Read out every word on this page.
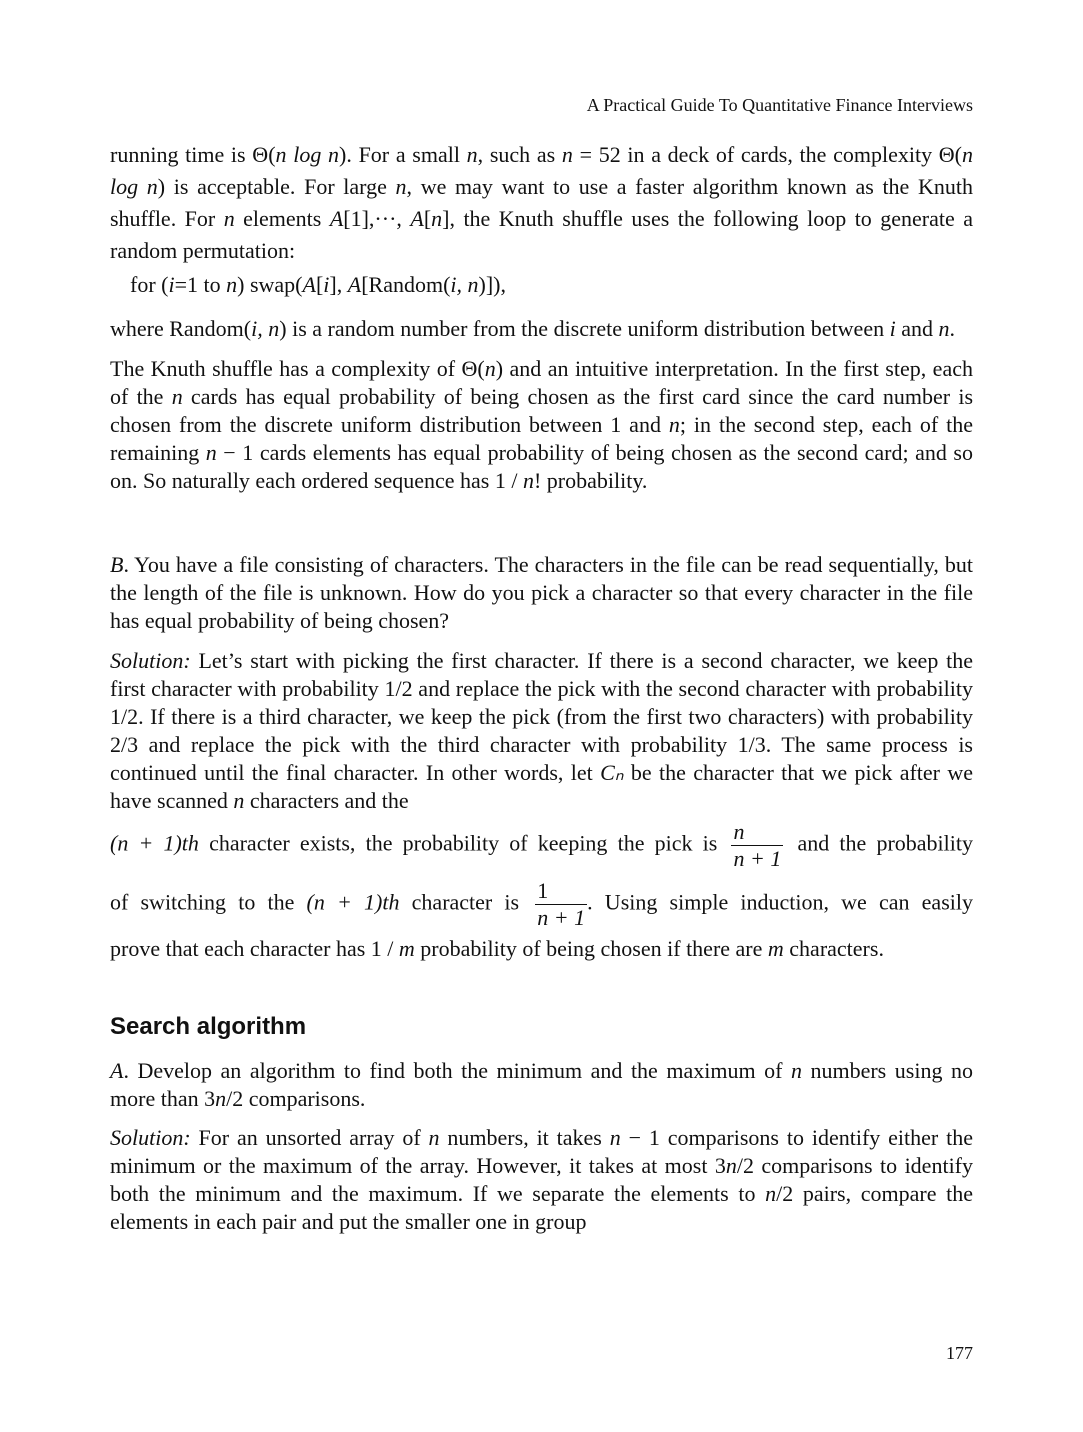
A Practical Guide To Quantitative Finance Interviews
running time is Θ(n log n). For a small n, such as n = 52 in a deck of cards, the complexity Θ(n log n) is acceptable. For large n, we may want to use a faster algorithm known as the Knuth shuffle. For n elements A[1],···, A[n], the Knuth shuffle uses the following loop to generate a random permutation:
for (i=1 to n) swap(A[i], A[Random(i, n)]),
where Random(i, n) is a random number from the discrete uniform distribution between i and n.
The Knuth shuffle has a complexity of Θ(n) and an intuitive interpretation. In the first step, each of the n cards has equal probability of being chosen as the first card since the card number is chosen from the discrete uniform distribution between 1 and n; in the second step, each of the remaining n − 1 cards elements has equal probability of being chosen as the second card; and so on. So naturally each ordered sequence has 1 / n! probability.
B. You have a file consisting of characters. The characters in the file can be read sequentially, but the length of the file is unknown. How do you pick a character so that every character in the file has equal probability of being chosen?
Solution: Let’s start with picking the first character. If there is a second character, we keep the first character with probability 1/2 and replace the pick with the second character with probability 1/2. If there is a third character, we keep the pick (from the first two characters) with probability 2/3 and replace the pick with the third character with probability 1/3. The same process is continued until the final character. In other words, let Cₙ be the character that we pick after we have scanned n characters and the
(n + 1)th character exists, the probability of keeping the pick is $\frac{n}{n + 1}$ and the probability
of switching to the (n + 1)th character is $\frac{1}{n + 1}$ . Using simple induction, we can easily
prove that each character has 1 / m probability of being chosen if there are m characters.
Search algorithm
A. Develop an algorithm to find both the minimum and the maximum of n numbers using no more than 3n/2 comparisons.
Solution: For an unsorted array of n numbers, it takes n − 1 comparisons to identify either the minimum or the maximum of the array. However, it takes at most 3n/2 comparisons to identify both the minimum and the maximum. If we separate the elements to n/2 pairs, compare the elements in each pair and put the smaller one in group
177
